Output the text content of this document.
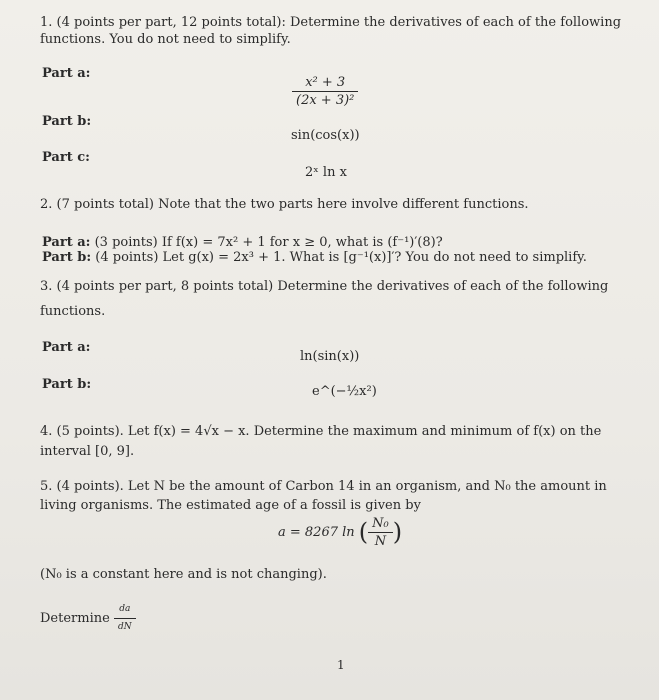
1. (4 points per part, 12 points total): Determine the derivatives of each of the following
functions. You do not need to simplify.
Part a:
$\frac{\text{x² + 3}}{\text{(2x + 3)²}}$
Part b:
sin(cos(x))
Part c:
2ˣ ln x
2. (7 points total) Note that the two parts here involve different functions.
Part a: (3 points) If f(x) = 7x² + 1 for x ≥ 0, what is (f⁻¹)′(8)?
Part b: (4 points) Let g(x) = 2x³ + 1. What is [g⁻¹(x)]′? You do not need to simplify.
3. (4 points per part, 8 points total) Determine the derivatives of each of the following
functions.
Part a:
ln(sin(x))
Part b:	e^(−½x²)
4. (5 points). Let f(x) = 4√x − x. Determine the maximum and minimum of f(x) on the
interval [0, 9].
5. (4 points). Let N be the amount of Carbon 14 in an organism, and N₀ the amount in
living organisms. The estimated age of a fossil is given by
a = 8267 ln ( $\frac{\text{N₀}}{N}$ )
(N₀ is a constant here and is not changing).
Determine $\frac{da}{dN}$
1
